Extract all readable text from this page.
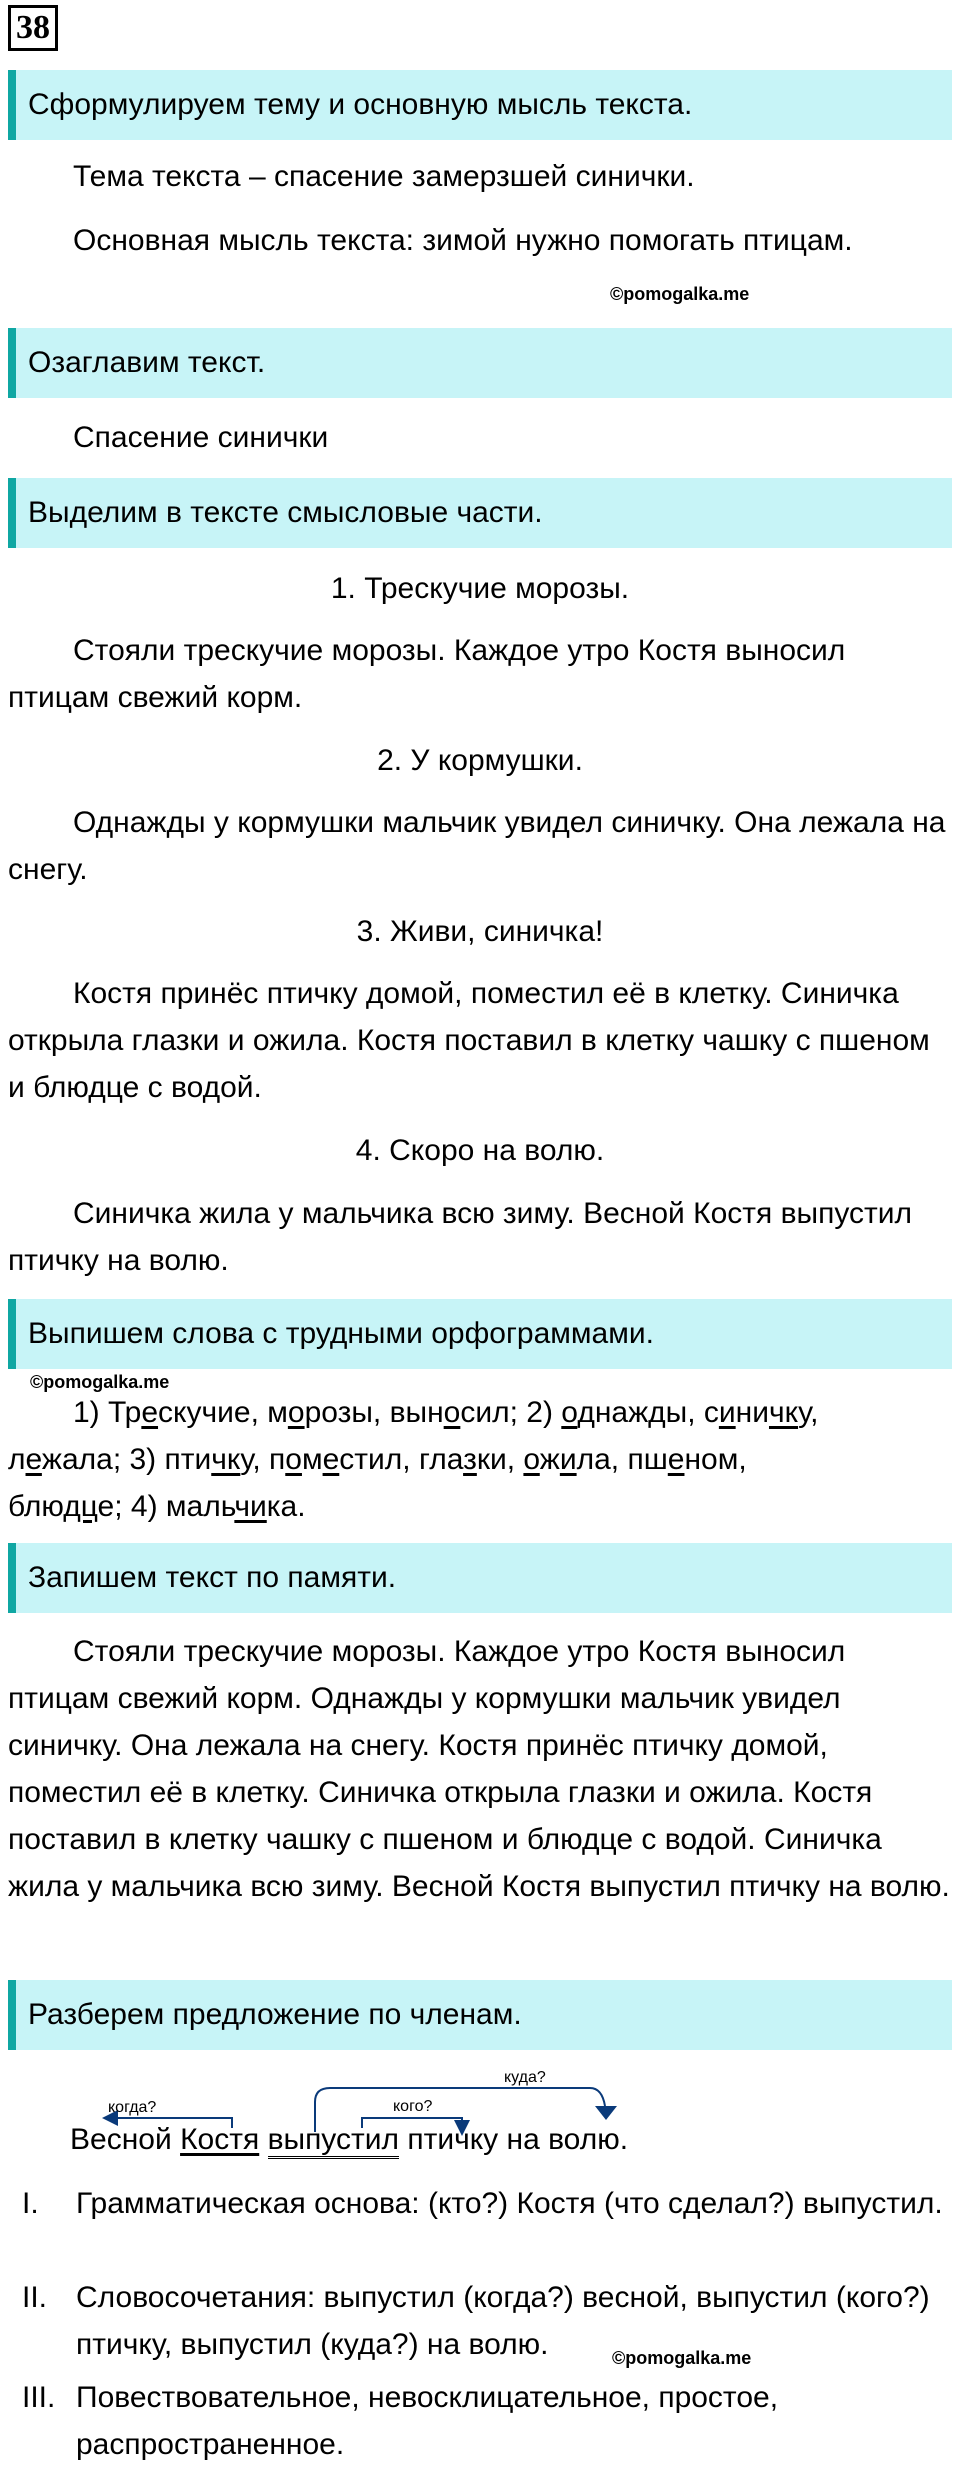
38
Сформулируем тему и основную мысль текста.

Тема текста – спасение замерзшей синички.

Основная мысль текста: зимой нужно помогать птицам.

©pomogalka.me
Озаглавим текст.

Спасение синички

Выделим в тексте смысловые части.

1. Трескучие морозы.

Стояли трескучие морозы. Каждое утро Костя выносил птицам свежий корм.

2. У кормушки.

Однажды у кормушки мальчик увидел синичку. Она лежала на снегу.

3. Живи, синичка!

Костя принёс птичку домой, поместил её в клетку. Синичка открыла глазки и ожила. Костя поставил в клетку чашку с пшеном и блюдце с водой.

4. Скоро на волю.

Синичка жила у мальчика всю зиму. Весной Костя выпустил птичку на волю.

Выпишем слова с трудными орфограммами.
©pomogalka.me
1) Трескучие, морозы, выносил; 2) однажды, синичку,
лежала; 3) птичку, поместил, глазки, ожила, пшеном,
блюдце; 4) мальчика.
Запишем текст по памяти.

Стояли трескучие морозы. Каждое утро Костя выносил птицам свежий корм. Однажды у кормушки мальчик увидел синичку. Она лежала на снегу. Костя принёс птичку домой, поместил её в клетку. Синичка открыла глазки и ожила. Костя поставил в клетку чашку с пшеном и блюдце с водой. Синичка жила у мальчика всю зиму. Весной Костя выпустил птичку на волю.

Разберем предложение по членам.
когда?	кого?
куда?
Весной Костя выпустил птичку на волю.
I. Грамматическая основа: (кто?) Костя (что сделал?) выпустил.
II. Словосочетания: выпустил (когда?) весной, выпустил (кого?) птичку, выпустил (куда?) на волю.	©pomogalka.me
III. Повествовательное, невосклицательное, простое, распространенное.
